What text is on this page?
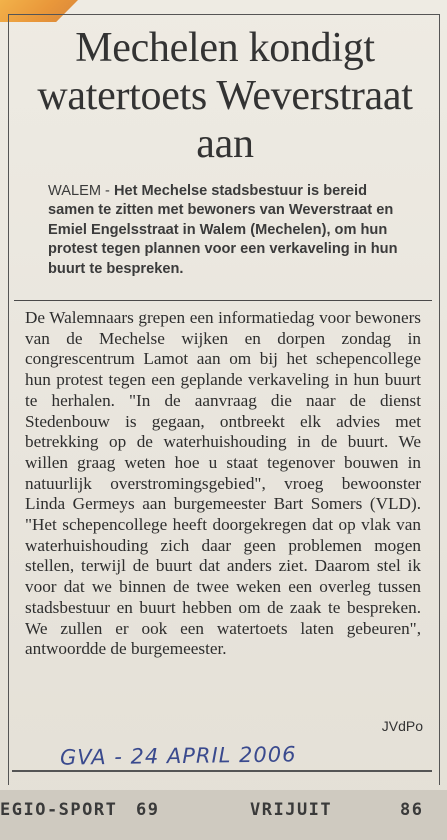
Mechelen kondigt watertoets Weverstraat aan
WALEM - Het Mechelse stadsbestuur is bereid samen te zitten met bewoners van Weverstraat en Emiel Engelsstraat in Walem (Mechelen), om hun protest tegen plannen voor een verkaveling in hun buurt te bespreken.
De Walemnaars grepen een informatiedag voor bewoners van de Mechelse wijken en dorpen zondag in congrescentrum Lamot aan om bij het schepencollege hun protest tegen een geplande verkaveling in hun buurt te herhalen. "In de aanvraag die naar de dienst Stedenbouw is gegaan, ontbreekt elk advies met betrekking op de waterhuishouding in de buurt. We willen graag weten hoe u staat tegenover bouwen in natuurlijk overstromingsgebied", vroeg bewoonster Linda Germeys aan burgemeester Bart Somers (VLD). "Het schepencollege heeft doorgekregen dat op vlak van waterhuishouding zich daar geen problemen mogen stellen, terwijl de buurt dat anders ziet. Daarom stel ik voor dat we binnen de twee weken een overleg tussen stadsbestuur en buurt hebben om de zaak te bespreken. We zullen er ook een watertoets laten gebeuren", antwoordde de burgemeester.
JVdPo
GVA - 24 APRIL 2006
EGIO-SPORT 69	VRIJUIT	86
